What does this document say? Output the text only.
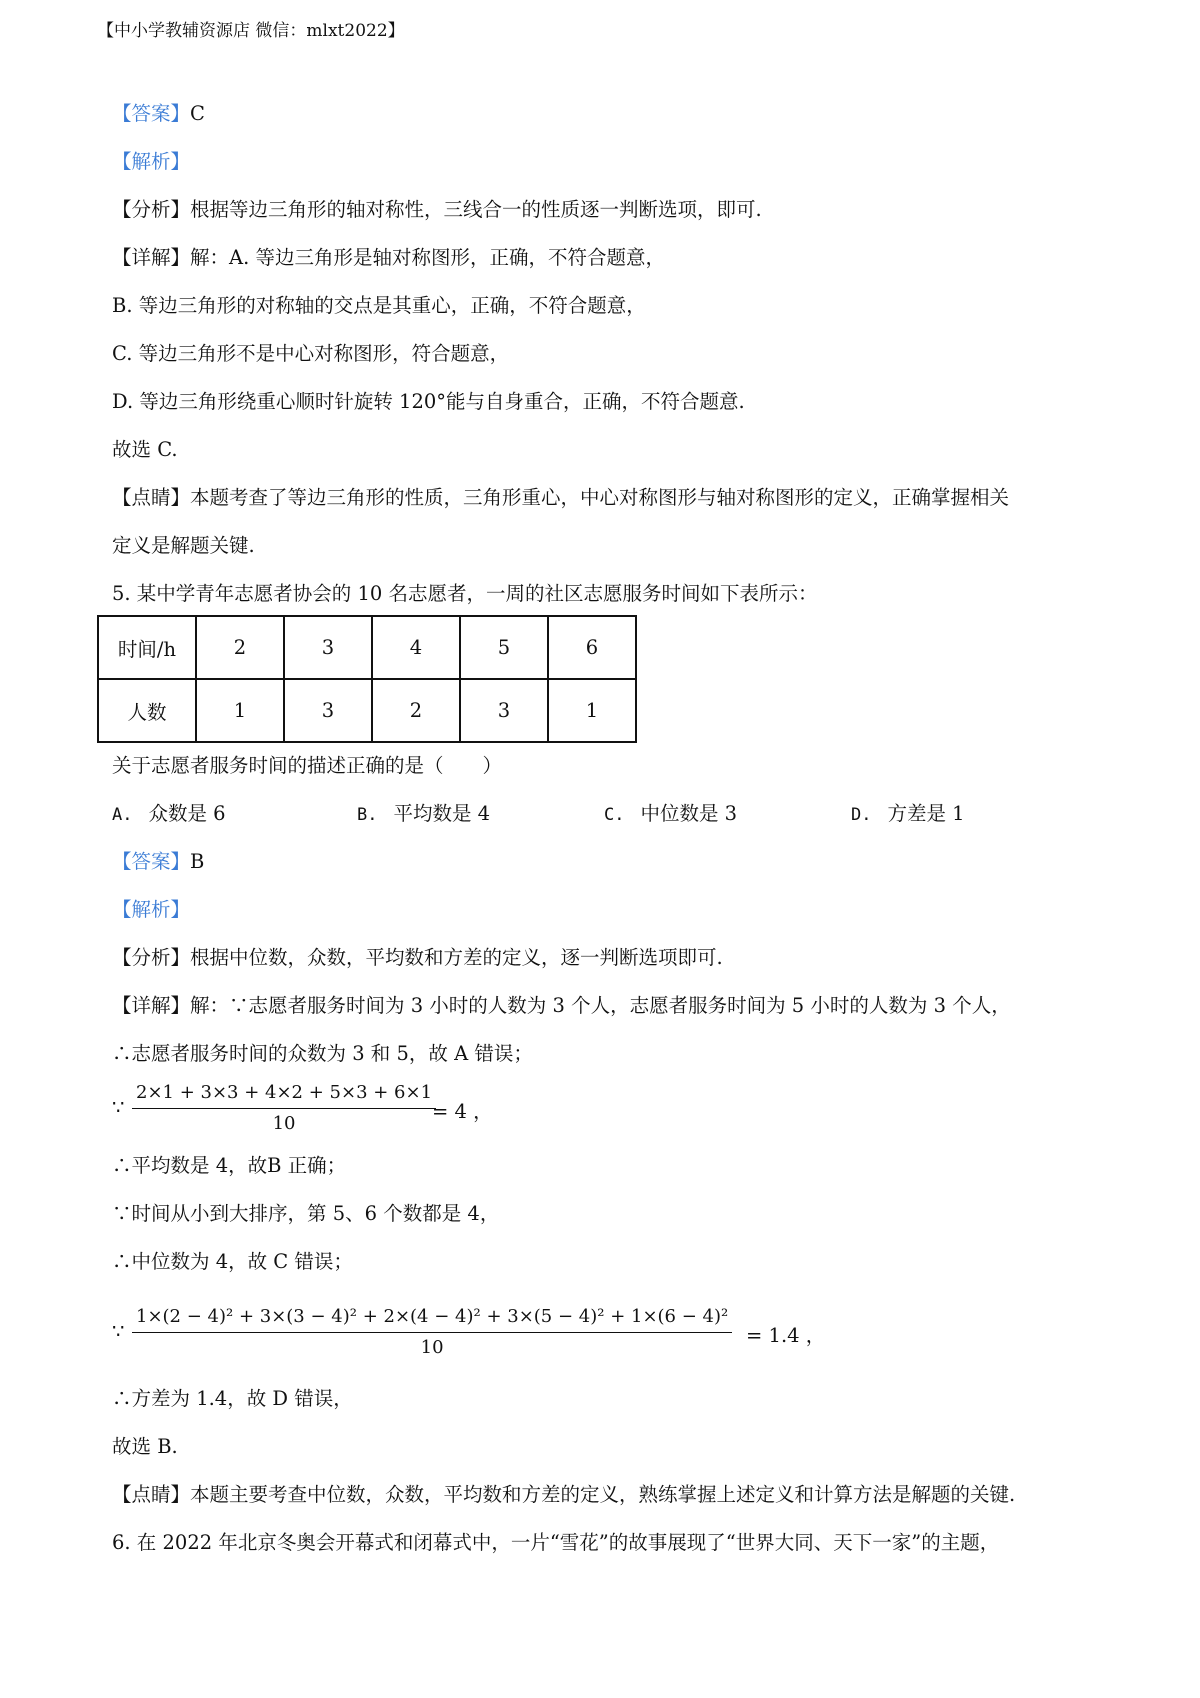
【中小学教辅资源店 微信：mlxt2022】
【答案】C
【解析】
【分析】根据等边三角形的轴对称性，三线合一的性质逐一判断选项，即可.
【详解】解：A. 等边三角形是轴对称图形，正确，不符合题意，
B. 等边三角形的对称轴的交点是其重心，正确，不符合题意，
C. 等边三角形不是中心对称图形，符合题意，
D. 等边三角形绕重心顺时针旋转 120°能与自身重合，正确，不符合题意.
故选 C.
【点睛】本题考查了等边三角形的性质，三角形重心，中心对称图形与轴对称图形的定义，正确掌握相关
定义是解题关键.
5. 某中学青年志愿者协会的 10 名志愿者，一周的社区志愿服务时间如下表所示：
时间/h	2	3	4	5	6
人数	1	3	2	3	1
关于志愿者服务时间的描述正确的是（　　）
A. 众数是 6	B. 平均数是 4	C. 中位数是 3	D. 方差是 1
【答案】B
【解析】
【分析】根据中位数，众数，平均数和方差的定义，逐一判断选项即可.
【详解】解：∵志愿者服务时间为 3 小时的人数为 3 个人，志愿者服务时间为 5 小时的人数为 3 个人，
∴志愿者服务时间的众数为 3 和 5，故 A 错误；
∵ $\frac{2\times 1 + 3\times 3 + 4\times 2 + 5\times 3 + 6\times 1}{10}$
= 4 ，
∴平均数是 4，故B 正确；
∵时间从小到大排序，第 5、6 个数都是 4，
∴中位数为 4，故 C 错误；
∵
1×(2 − 4)² + 3×(3 − 4)² + 2×(4 − 4)² + 3×(5 − 4)² + 1×(6 − 4)²
10
= 1.4 ，
∴方差为 1.4，故 D 错误，
故选 B.
【点睛】本题主要考查中位数，众数，平均数和方差的定义，熟练掌握上述定义和计算方法是解题的关键.
6. 在 2022 年北京冬奥会开幕式和闭幕式中，一片“雪花”的故事展现了“世界大同、天下一家”的主题，
